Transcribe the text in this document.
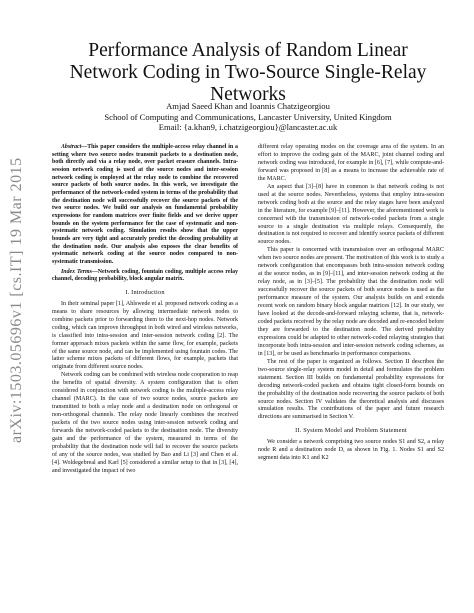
arXiv:1503.05696v1 [cs.IT] 19 Mar 2015
Performance Analysis of Random Linear Network Coding in Two-Source Single-Relay Networks
Amjad Saeed Khan and Ioannis Chatzigeorgiou
School of Computing and Communications, Lancaster University, United Kingdom
Email: {a.khan9, i.chatzigeorgiou}@lancaster.ac.uk

Abstract—This paper considers the multiple-access relay channel in a setting where two source nodes transmit packets to a destination node, both directly and via a relay node, over packet erasure channels. Intra-session network coding is used at the source nodes and inter-session network coding is employed at the relay node to combine the recovered source packets of both source nodes. In this work, we investigate the performance of the network-coded system in terms of the probability that the destination node will successfully recover the source packets of the two source nodes. We build our analysis on fundamental probability expressions for random matrices over finite fields and we derive upper bounds on the system performance for the case of systematic and non-systematic network coding. Simulation results show that the upper bounds are very tight and accurately predict the decoding probability at the destination node. Our analysis also exposes the clear benefits of systematic network coding at the source nodes compared to non-systematic transmission.

Index Terms—Network coding, fountain coding, multiple access relay channel, decoding probability, block angular matrix.

I. Introduction

In their seminal paper [1], Ahlswede et al. proposed network coding as a means to share resources by allowing intermediate network nodes to combine packets prior to forwarding them to the next-hop nodes. Network coding, which can improve throughput in both wired and wireless networks, is classified into intra-session and inter-session network coding [2]. The former approach mixes packets within the same flow, for example, packets of the same source node, and can be implemented using fountain codes. The latter scheme mixes packets of different flows, for example, packets that originate from different source nodes.

Network coding can be combined with wireless node cooperation to reap the benefits of spatial diversity. A system configuration that is often considered in conjunction with network coding is the multiple-access relay channel (MARC). In the case of two source nodes, source packets are transmitted to both a relay node and a destination node on orthogonal or non-orthogonal channels. The relay node linearly combines the received packets of the two source nodes using inter-session network coding and forwards the network-coded packets to the destination node. The diversity gain and the performance of the system, measured in terms of the probability that the destination node will fail to recover the source packets of any of the source nodes, was studied by Bao and Li [3] and Chen et al. [4]. Woldegebreal and Karl [5] considered a similar setup to that in [3], [4], and investigated the impact of two

different relay operating modes on the coverage area of the system. In an effort to improve the coding gain of the MARC, joint channel coding and network coding was introduced, for example in [6], [7], while compute-and-forward was proposed in [8] as a means to increase the achievable rate of the MARC.

An aspect that [3]–[8] have in common is that network coding is not used at the source nodes. Nevertheless, systems that employ intra-session network coding both at the source and the relay stages have been analyzed in the literature, for example [9]–[11]. However, the aforementioned work is concerned with the transmission of network-coded packets from a single source to a single destination via multiple relays. Consequently, the destination is not required to recover and identify source packets of different source nodes.

This paper is concerned with transmission over an orthogonal MARC when two source nodes are present. The motivation of this work is to study a network configuration that encompasses both intra-session network coding at the source nodes, as in [9]–[11], and inter-session network coding at the relay node, as in [3]–[5]. The probability that the destination node will successfully recover the source packets of both source nodes is used as the performance measure of the system. Our analysis builds on and extends recent work on random binary block angular matrices [12]. In our study, we have looked at the decode-and-forward relaying scheme, that is, network-coded packets received by the relay node are decoded and re-encoded before they are forwarded to the destination node. The derived probability expressions could be adapted to other network-coded relaying strategies that incorporate both intra-session and inter-session network coding schemes, as in [13], or be used as benchmarks in performance comparisons.

The rest of the paper is organized as follows. Section II describes the two-source single-relay system model in detail and formulates the problem statement. Section III builds on fundamental probability expressions for decoding network-coded packets and obtains tight closed-form bounds on the probability of the destination node recovering the source packets of both source nodes. Section IV validates the theoretical analysis and discusses simulation results. The contributions of the paper and future research directions are summarised in Section V.

II. System Model and Problem Statement

We consider a network comprising two source nodes S1 and S2, a relay node R and a destination node D, as shown in Fig. 1. Nodes S1 and S2 segment data into K1 and K2
